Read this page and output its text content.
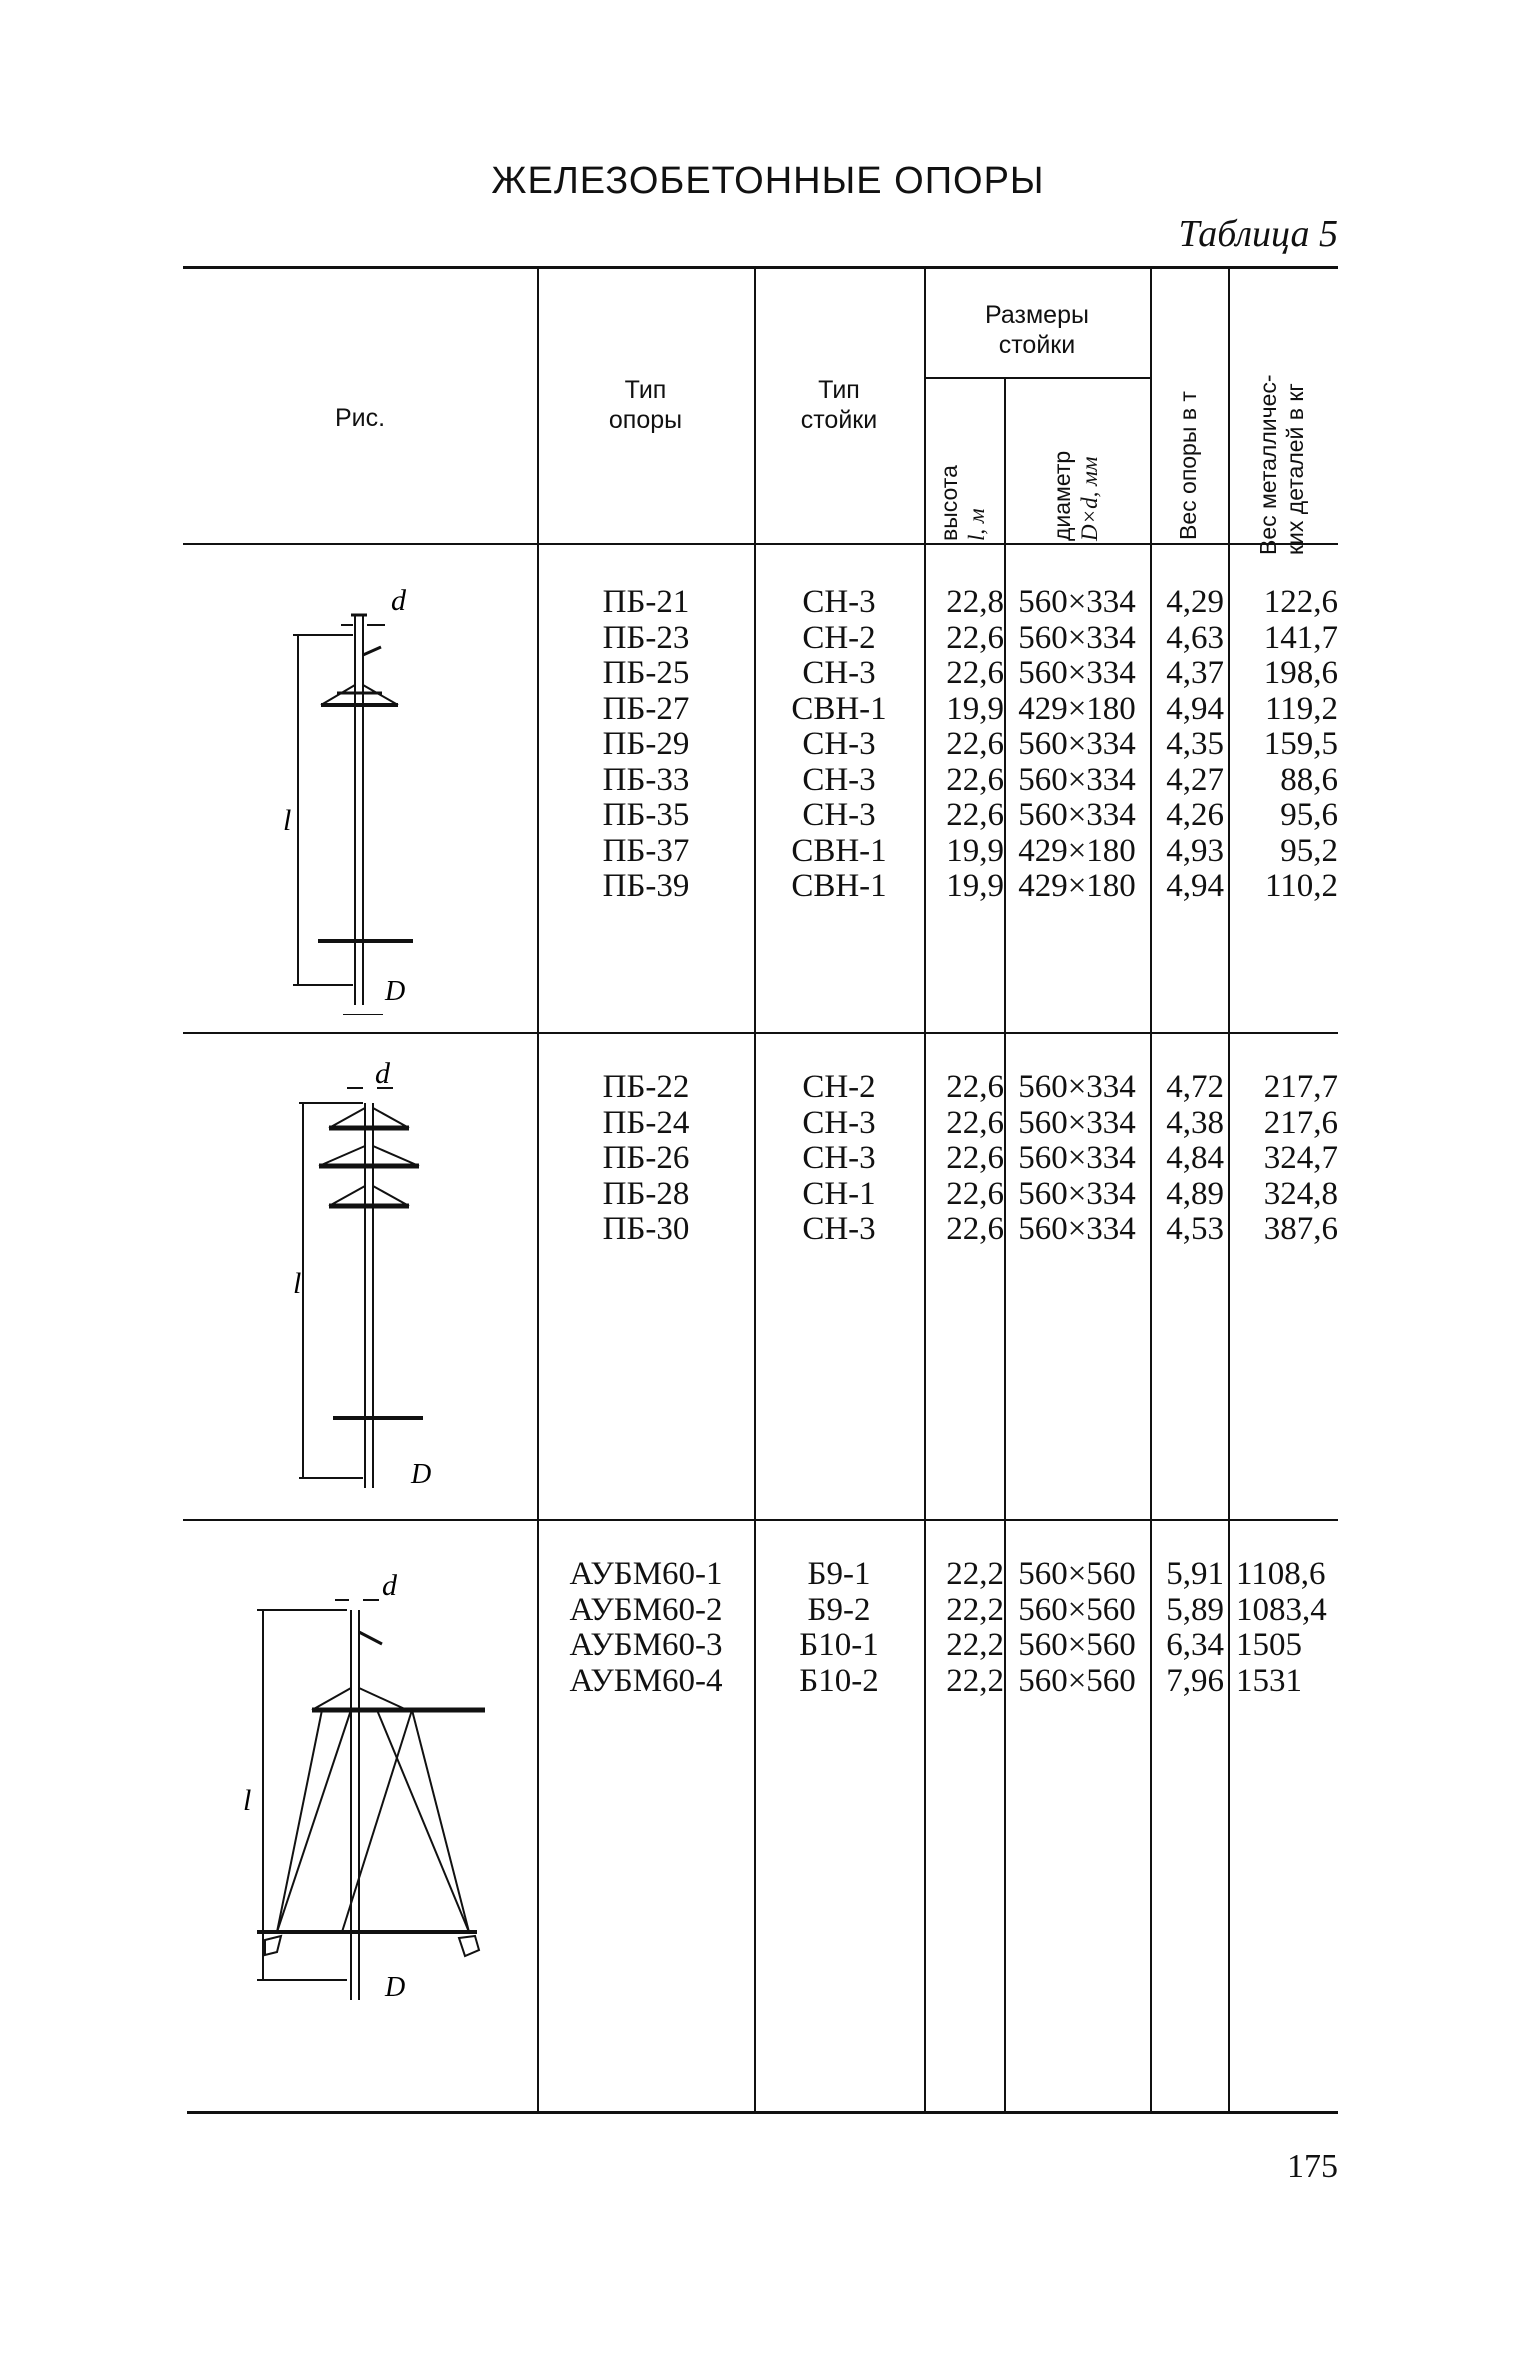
ЖЕЛЕЗОБЕТОННЫЕ ОПОРЫ
Таблица 5
Рис.
Тип
опоры
Тип
стойки
Размеры
стойки
высота l, м	диаметр D×d, мм	Вес опоры в т Вес металличес- ких деталей в кг
ПБ-21
ПБ-23
ПБ-25
ПБ-27
ПБ-29
ПБ-33
ПБ-35
ПБ-37
ПБ-39
СН-3
СН-2
СН-3
СВН-1
СН-3
СН-3
СН-3
СВН-1
СВН-1
22,8
22,6
22,6
19,9
22,6
22,6
22,6
19,9
19,9
560×334
560×334
560×334
429×180
560×334
560×334
560×334
429×180
429×180
4,29
4,63
4,37
4,94
4,35
4,27
4,26
4,93
4,94
122,6
141,7
198,6
119,2
159,5
88,6
95,6
95,2
110,2
ПБ-22
ПБ-24
ПБ-26
ПБ-28
ПБ-30
СН-2
СН-3
СН-3
СН-1
СН-3
22,6
22,6
22,6
22,6
22,6
560×334
560×334
560×334
560×334
560×334
4,72
4,38
4,84
4,89
4,53
217,7
217,6
324,7
324,8
387,6
АУБМ60-1
АУБМ60-2
АУБМ60-3
АУБМ60-4
Б9-1
Б9-2
Б10-1
Б10-2
22,2
22,2
22,2
22,2
560×560
560×560
560×560
560×560
5,91
5,89
6,34
7,96
1108,6
1083,4
1505
1531
d
l
D
d
l
D
d
l
D
175
